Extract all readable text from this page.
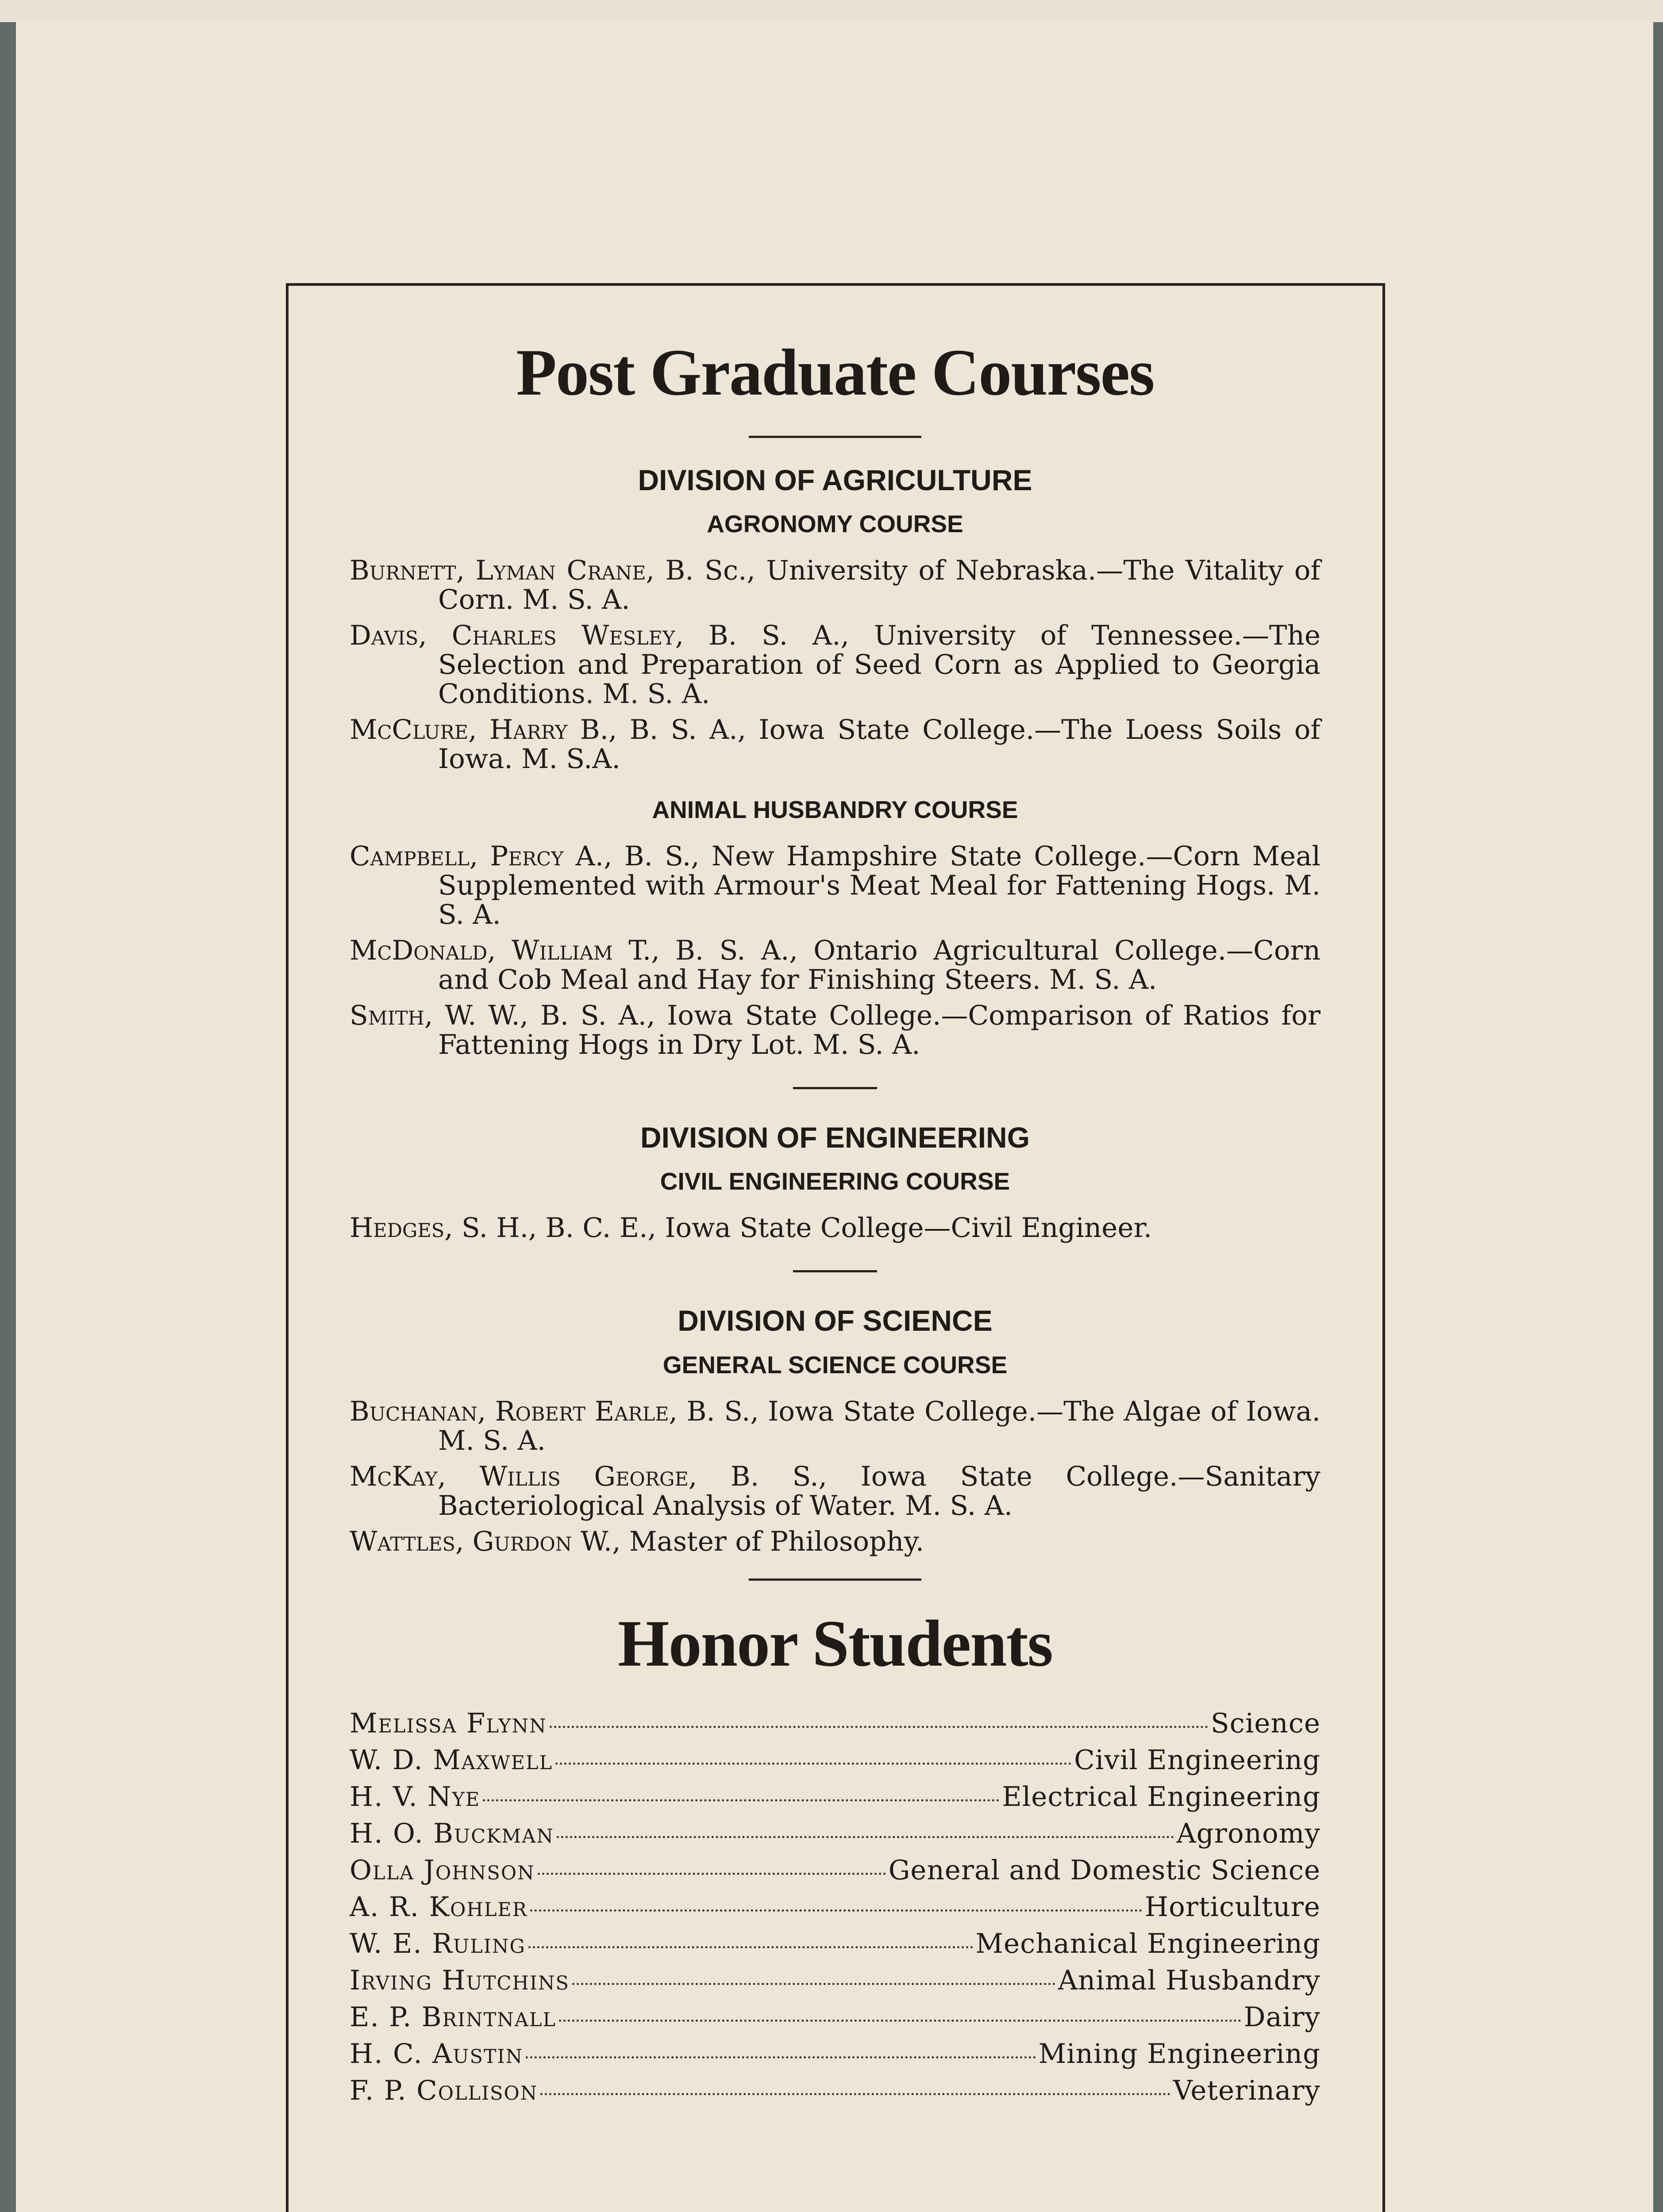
Post Graduate Courses
DIVISION OF AGRICULTURE
AGRONOMY COURSE

Burnett, Lyman Crane, B. Sc., University of Nebraska.—The Vitality of Corn. M. S. A.

Davis, Charles Wesley, B. S. A., University of Tennessee.—The Selection and Preparation of Seed Corn as Applied to Georgia Conditions. M. S. A.

McClure, Harry B., B. S. A., Iowa State College.—The Loess Soils of Iowa. M. S.A.

ANIMAL HUSBANDRY COURSE

Campbell, Percy A., B. S., New Hampshire State College.—Corn Meal Supplemented with Armour's Meat Meal for Fattening Hogs. M. S. A.

McDonald, William T., B. S. A., Ontario Agricultural College.—Corn and Cob Meal and Hay for Finishing Steers. M. S. A.

Smith, W. W., B. S. A., Iowa State College.—Comparison of Ratios for Fattening Hogs in Dry Lot. M. S. A.

DIVISION OF ENGINEERING
CIVIL ENGINEERING COURSE

Hedges, S. H., B. C. E., Iowa State College—Civil Engineer.

DIVISION OF SCIENCE
GENERAL SCIENCE COURSE

Buchanan, Robert Earle, B. S., Iowa State College.—The Algae of Iowa. M. S. A.

McKay, Willis George, B. S., Iowa State College.—Sanitary Bacteriological Analysis of Water. M. S. A.

Wattles, Gurdon W., Master of Philosophy.

Honor Students
Melissa Flynn	Science
W. D. Maxwell	Civil Engineering
H. V. Nye	Electrical Engineering
H. O. Buckman	Agronomy
Olla Johnson	General and Domestic Science
A. R. Kohler	Horticulture
W. E. Ruling	Mechanical Engineering
Irving Hutchins	Animal Husbandry
E. P. Brintnall	Dairy
H. C. Austin	Mining Engineering
F. P. Collison	Veterinary
